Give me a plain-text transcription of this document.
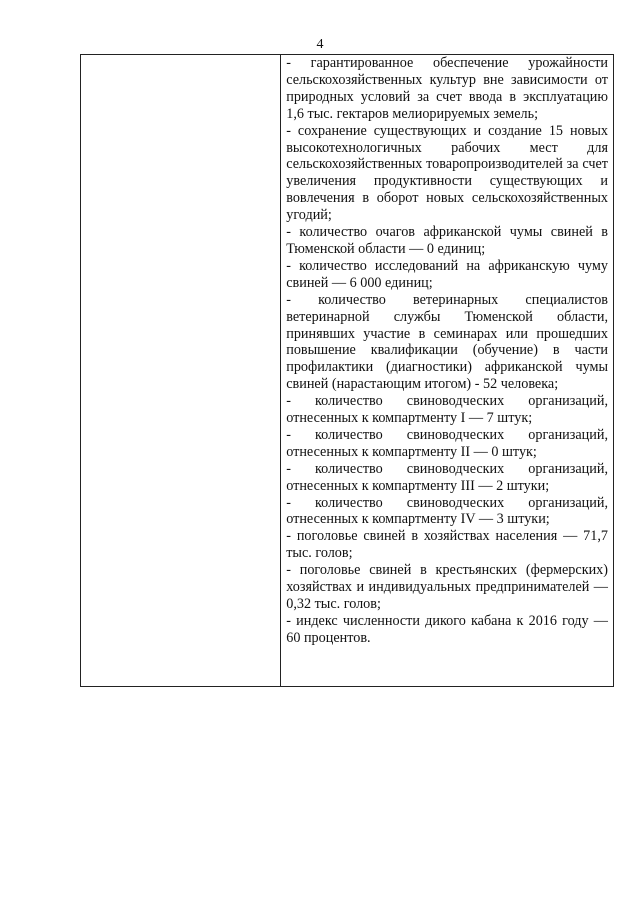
4

- гарантированное обеспечение урожайности сельскохозяйственных культур вне зависимости от природных условий за счет ввода в эксплуатацию 1,6 тыс. гектаров мелиорируемых земель;

- сохранение существующих и создание 15 новых высокотехнологичных рабочих мест для сельскохозяйственных товаропроизводителей за счет увеличения продуктивности существующих и вовлечения в оборот новых сельскохозяйственных угодий;

- количество очагов африканской чумы свиней в Тюменской области — 0 единиц;

- количество исследований на африканскую чуму свиней — 6 000 единиц;

- количество ветеринарных специалистов ветеринарной службы Тюменской области, принявших участие в семинарах или прошедших повышение квалификации (обучение) в части профилактики (диагностики) африканской чумы свиней (нарастающим итогом) - 52 человека;

- количество свиноводческих организаций, отнесенных к компартменту I — 7 штук;

- количество свиноводческих организаций, отнесенных к компартменту II — 0 штук;

- количество свиноводческих организаций, отнесенных к компартменту III — 2 штуки;

- количество свиноводческих организаций, отнесенных к компартменту IV — 3 штуки;

- поголовье свиней в хозяйствах населения — 71,7 тыс. голов;

- поголовье свиней в крестьянских (фермерских) хозяйствах и индивидуальных предпринимателей — 0,32 тыс. голов;

- индекс численности дикого кабана к 2016 году — 60 процентов.
